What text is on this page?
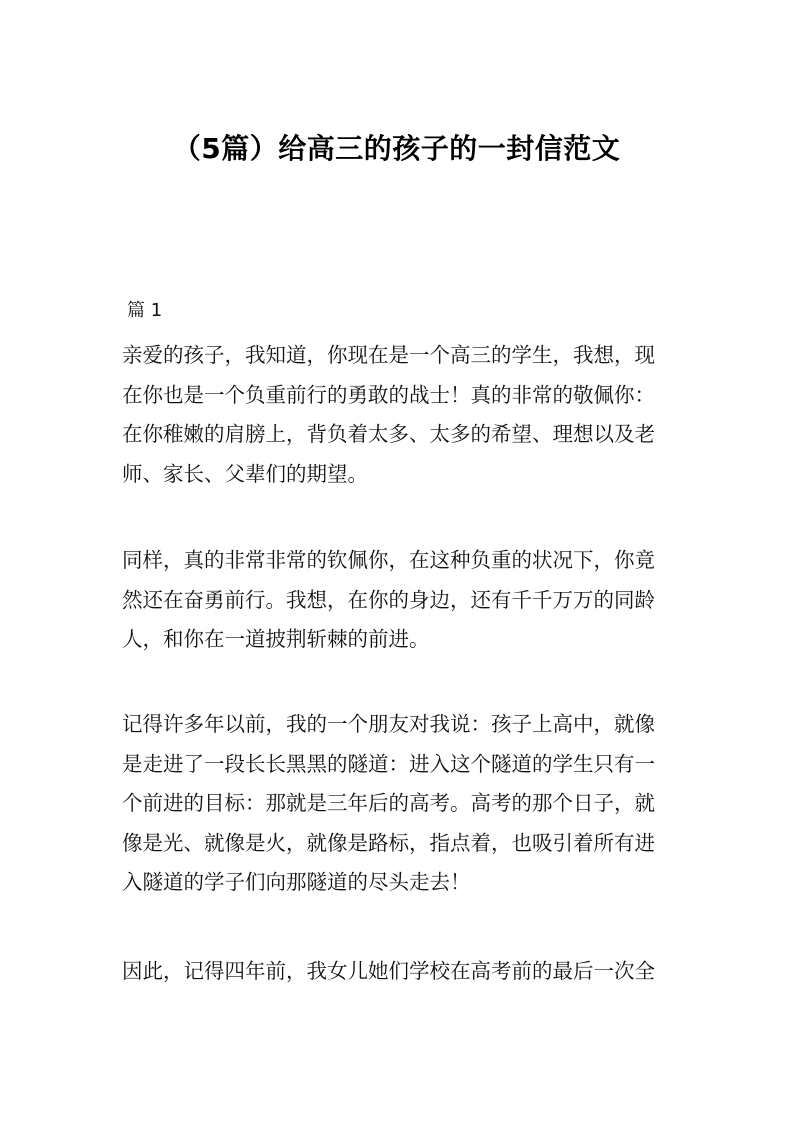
（5篇）给高三的孩子的一封信范文
篇 1
亲爱的孩子，我知道，你现在是一个高三的学生，我想，现
在你也是一个负重前行的勇敢的战士！真的非常的敬佩你：
在你稚嫩的肩膀上，背负着太多、太多的希望、理想以及老
师、家长、父辈们的期望。
同样，真的非常非常的钦佩你，在这种负重的状况下，你竟
然还在奋勇前行。我想，在你的身边，还有千千万万的同龄
人，和你在一道披荆斩棘的前进。
记得许多年以前，我的一个朋友对我说：孩子上高中，就像
是走进了一段长长黑黑的隧道：进入这个隧道的学生只有一
个前进的目标：那就是三年后的高考。高考的那个日子，就
像是光、就像是火，就像是路标，指点着，也吸引着所有进
入隧道的学子们向那隧道的尽头走去！
因此，记得四年前，我女儿她们学校在高考前的最后一次全
